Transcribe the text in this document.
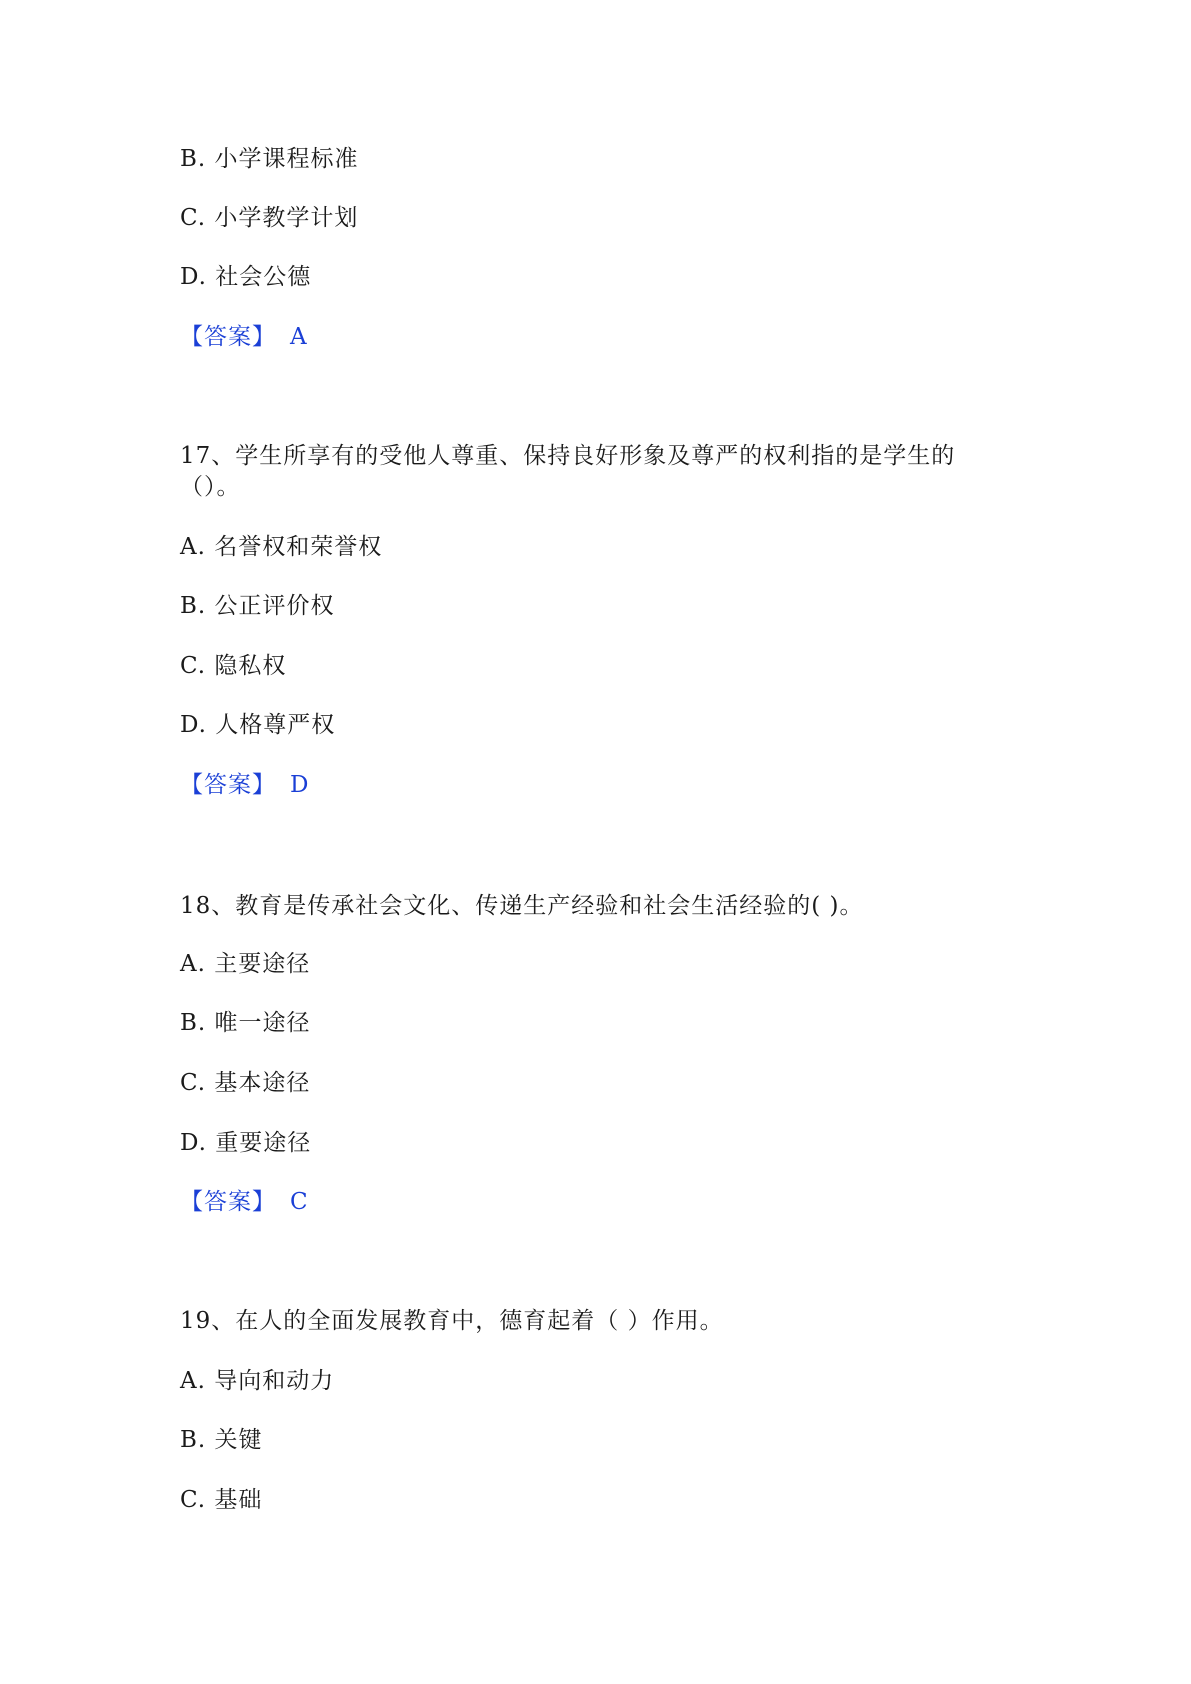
B. 小学课程标准
C. 小学教学计划
D. 社会公德
【答案】 A
17、学生所享有的受他人尊重、保持良好形象及尊严的权利指的是学生的
（）。
A. 名誉权和荣誉权
B. 公正评价权
C. 隐私权
D. 人格尊严权
【答案】 D
18、教育是传承社会文化、传递生产经验和社会生活经验的( )。
A. 主要途径
B. 唯一途径
C. 基本途径
D. 重要途径
【答案】 C
19、在人的全面发展教育中，德育起着（ ）作用。
A. 导向和动力
B. 关键
C. 基础
